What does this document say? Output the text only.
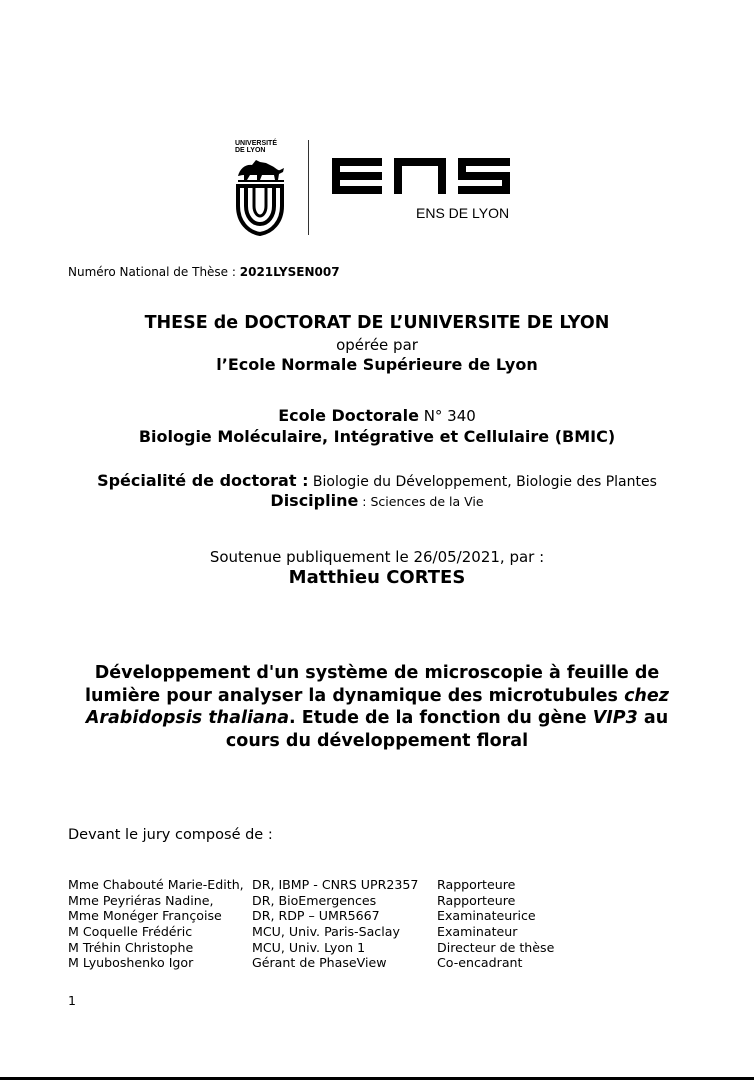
UNIVERSITÉ
DE LYON
ENS DE LYON
Numéro National de Thèse : 2021LYSEN007
THESE de DOCTORAT DE L’UNIVERSITE DE LYON
opérée par
l’Ecole Normale Supérieure de Lyon
Ecole Doctorale N° 340
Biologie Moléculaire, Intégrative et Cellulaire (BMIC)
Spécialité de doctorat : Biologie du Développement, Biologie des Plantes
Discipline : Sciences de la Vie
Soutenue publiquement le 26/05/2021, par :
Matthieu CORTES
Développement d'un système de microscopie à feuille de lumière pour analyser la dynamique des microtubules chez Arabidopsis thaliana. Etude de la fonction du gène VIP3 au cours du développement floral
Devant le jury composé de :
Mme Chabouté Marie-Edith,	DR, IBMP - CNRS UPR2357	Rapporteure
Mme Peyriéras Nadine,	DR, BioEmergences	Rapporteure
Mme Monéger Françoise	DR, RDP – UMR5667	Examinateurice
M Coquelle Frédéric	MCU, Univ. Paris-Saclay	Examinateur
M Tréhin Christophe	MCU, Univ. Lyon 1	Directeur de thèse
M Lyuboshenko Igor	Gérant de PhaseView	Co-encadrant
1
